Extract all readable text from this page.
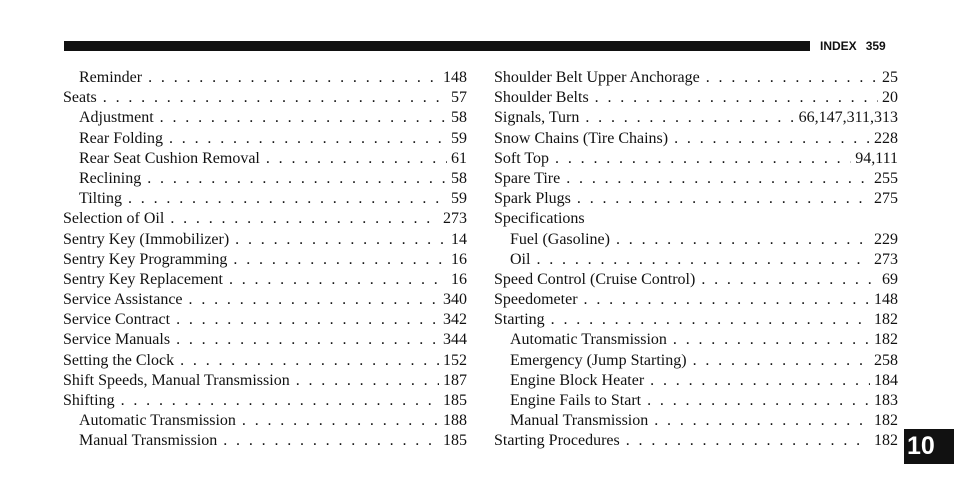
INDEX 359
Reminder . . .	148
Seats . . .	57
Adjustment . . .	58
Rear Folding . . .	59
Rear Seat Cushion Removal . . .	61
Reclining . . .	58
Tilting . . .	59
Selection of Oil . . .	273
Sentry Key (Immobilizer) . . .	14
Sentry Key Programming . . .	16
Sentry Key Replacement . . .	16
Service Assistance . . .	340
Service Contract . . .	342
Service Manuals . . .	344
Setting the Clock . . .	152
Shift Speeds, Manual Transmission . . .	187
Shifting . . .	185
Automatic Transmission . . .	188
Manual Transmission . . .	185
Shoulder Belt Upper Anchorage . . .	25
Shoulder Belts . . .	20
Signals, Turn . . .	66,147,311,313
Snow Chains (Tire Chains) . . .	228
Soft Top . . .	94,111
Spare Tire . . .	255
Spark Plugs . . .	275
Specifications
Fuel (Gasoline) . . .	229
Oil . . .	273
Speed Control (Cruise Control) . . .	69
Speedometer . . .	148
Starting . . .	182
Automatic Transmission . . .	182
Emergency (Jump Starting) . . .	258
Engine Block Heater . . .	184
Engine Fails to Start . . .	183
Manual Transmission . . .	182
Starting Procedures . . .	182 10
